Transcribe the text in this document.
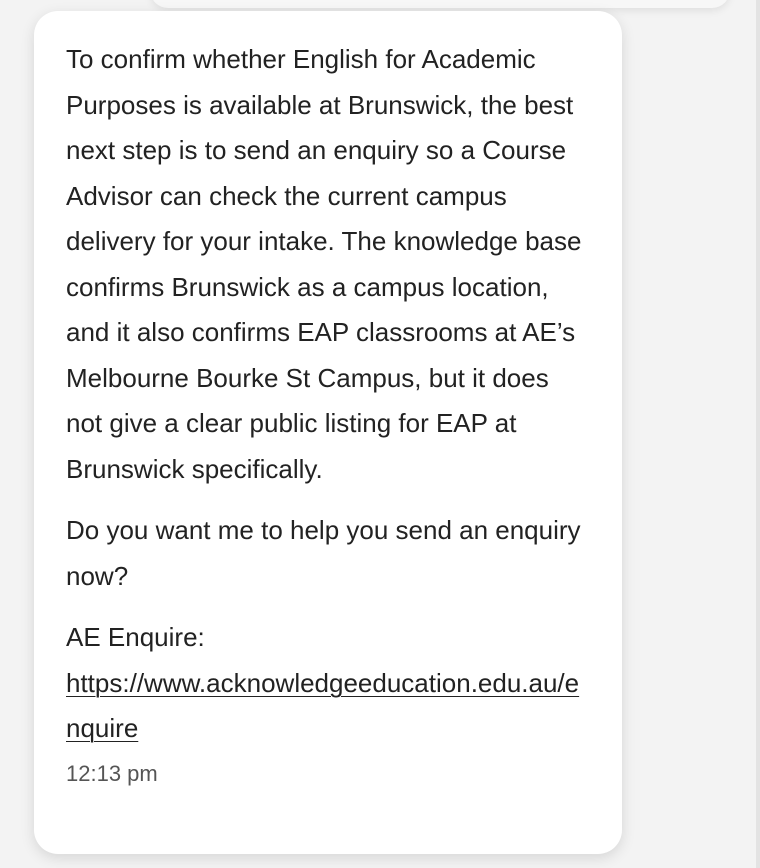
To confirm whether English for Academic Purposes is available at Brunswick, the best next step is to send an enquiry so a Course Advisor can check the current campus delivery for your intake. The knowledge base confirms Brunswick as a campus location, and it also confirms EAP classrooms at AE’s Melbourne Bourke St Campus, but it does not give a clear public listing for EAP at Brunswick specifically.

Do you want me to help you send an enquiry now?

AE Enquire:
https://www.acknowledgeeducation.edu.au/enquire

12:13 pm
